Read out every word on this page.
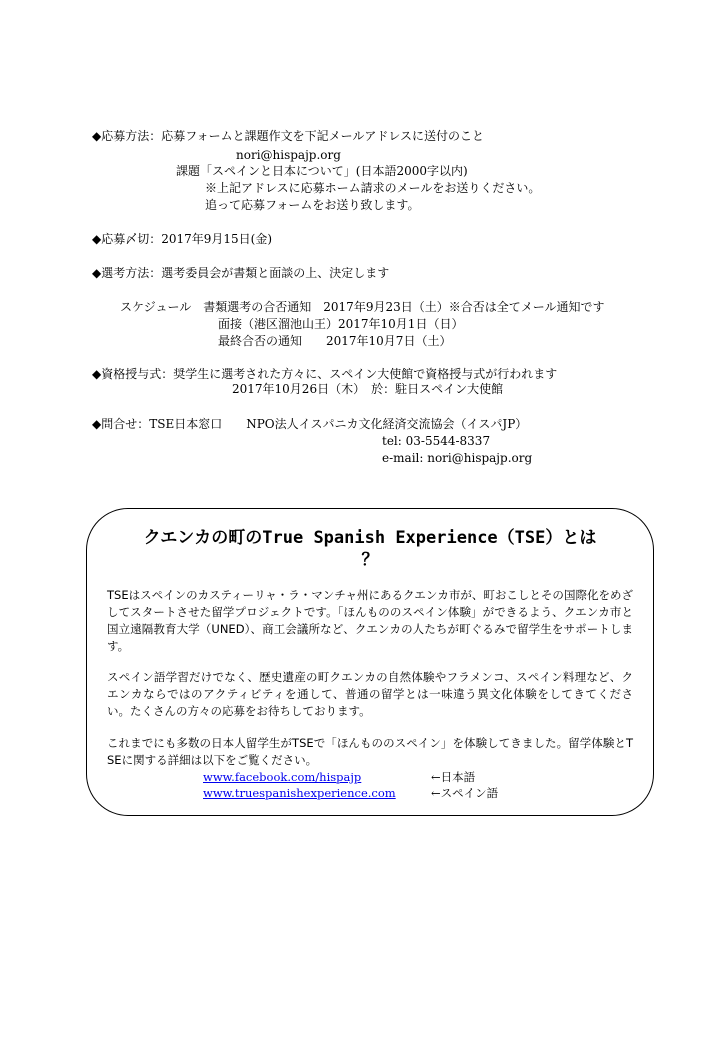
◆応募方法：応募フォームと課題作文を下記メールアドレスに送付のこと
nori@hispajp.org
課題「スペインと日本について」(日本語2000字以内)
※上記アドレスに応募ホーム請求のメールをお送りください。
追って応募フォームをお送り致します。
◆応募〆切：2017年9月15日(金)
◆選考方法：選考委員会が書類と面談の上、決定します
スケジュール　書類選考の合否通知　2017年9月23日（土）※合否は全てメール通知です
面接（港区溜池山王）2017年10月1日（日）
最終合否の通知　　2017年10月7日（土）
◆資格授与式：奨学生に選考された方々に、スペイン大使館で資格授与式が行われます
2017年10月26日（木）　於：駐日スペイン大使館
◆問合せ：TSE日本窓口　　NPO法人イスパニカ文化経済交流協会（イスパJP）
tel: 03-5544-8337
e-mail: nori@hispajp.org
クエンカの町のTrue Spanish Experience（TSE）とは
？
TSEはスペインのカスティーリャ・ラ・マンチャ州にあるクエンカ市が、町おこしとその国際化をめざしてスタートさせた留学プロジェクトです。「ほんもののスペイン体験」ができるよう、クエンカ市と国立遠隔教育大学（UNED）、商工会議所など、クエンカの人たちが町ぐるみで留学生をサポートします。
スペイン語学習だけでなく、歴史遺産の町クエンカの自然体験やフラメンコ、スペイン料理など、クエンカならではのアクティビティを通して、普通の留学とは一味違う異文化体験をしてきてください。たくさんの方々の応募をお待ちしております。
これまでにも多数の日本人留学生がTSEで「ほんもののスペイン」を体験してきました。留学体験とTSEに関する詳細は以下をご覧ください。
www.facebook.com/hispajp	←日本語
www.truespanishexperience.com	←スペイン語
